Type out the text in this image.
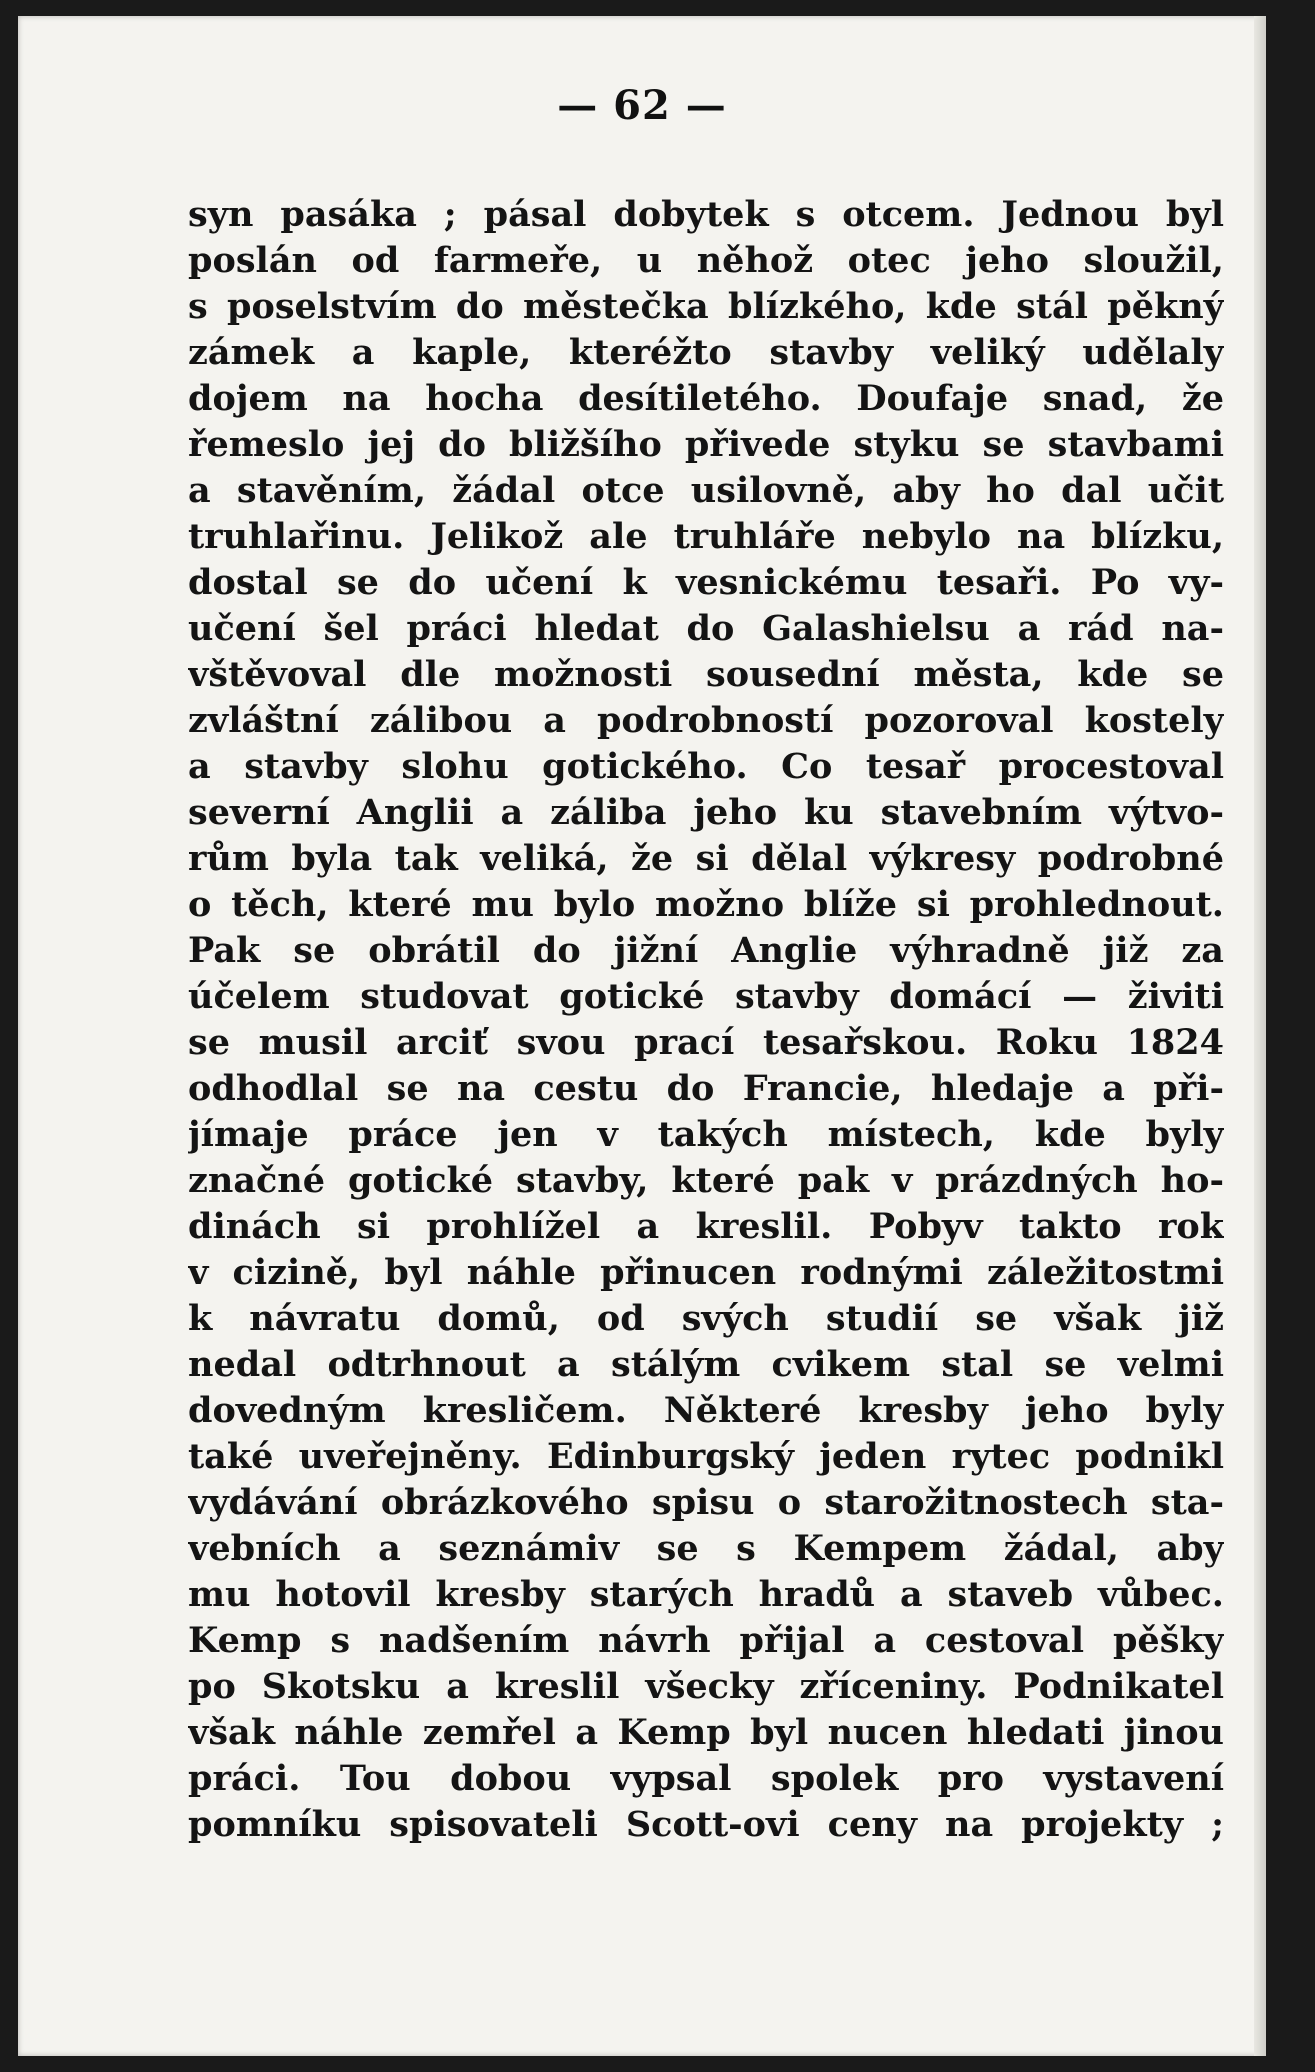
— 62 —
syn pasáka ; pásal dobytek s otcem. Jednou byl
poslán od farmeře, u něhož otec jeho sloužil,
s poselstvím do městečka blízkého, kde stál pěkný
zámek a kaple, kteréžto stavby veliký udělaly
dojem na hocha desítiletého. Doufaje snad, že
řemeslo jej do bližšího přivede styku se stavbami
a stavěním, žádal otce usilovně, aby ho dal učit
truhlařinu. Jelikož ale truhláře nebylo na blízku,
dostal se do učení k vesnickému tesaři. Po vy-
učení šel práci hledat do Galashielsu a rád na-
vštěvoval dle možnosti sousední města, kde se
zvláštní zálibou a podrobností pozoroval kostely
a stavby slohu gotického. Co tesař procestoval
severní Anglii a záliba jeho ku stavebním výtvo-
rům byla tak veliká, že si dělal výkresy podrobné
o těch, které mu bylo možno blíže si prohlednout.
Pak se obrátil do jižní Anglie výhradně již za
účelem studovat gotické stavby domácí — živiti
se musil arciť svou prací tesařskou. Roku 1824
odhodlal se na cestu do Francie, hledaje a při-
jímaje práce jen v takých místech, kde byly
značné gotické stavby, které pak v prázdných ho-
dinách si prohlížel a kreslil. Pobyv takto rok
v cizině, byl náhle přinucen rodnými záležitostmi
k návratu domů, od svých studií se však již
nedal odtrhnout a stálým cvikem stal se velmi
dovedným kresličem. Některé kresby jeho byly
také uveřejněny. Edinburgský jeden rytec podnikl
vydávání obrázkového spisu o starožitnostech sta-
vebních a seznámiv se s Kempem žádal, aby
mu hotovil kresby starých hradů a staveb vůbec.
Kemp s nadšením návrh přijal a cestoval pěšky
po Skotsku a kreslil všecky zříceniny. Podnikatel
však náhle zemřel a Kemp byl nucen hledati jinou
práci. Tou dobou vypsal spolek pro vystavení
pomníku spisovateli Scott-ovi ceny na projekty ;
